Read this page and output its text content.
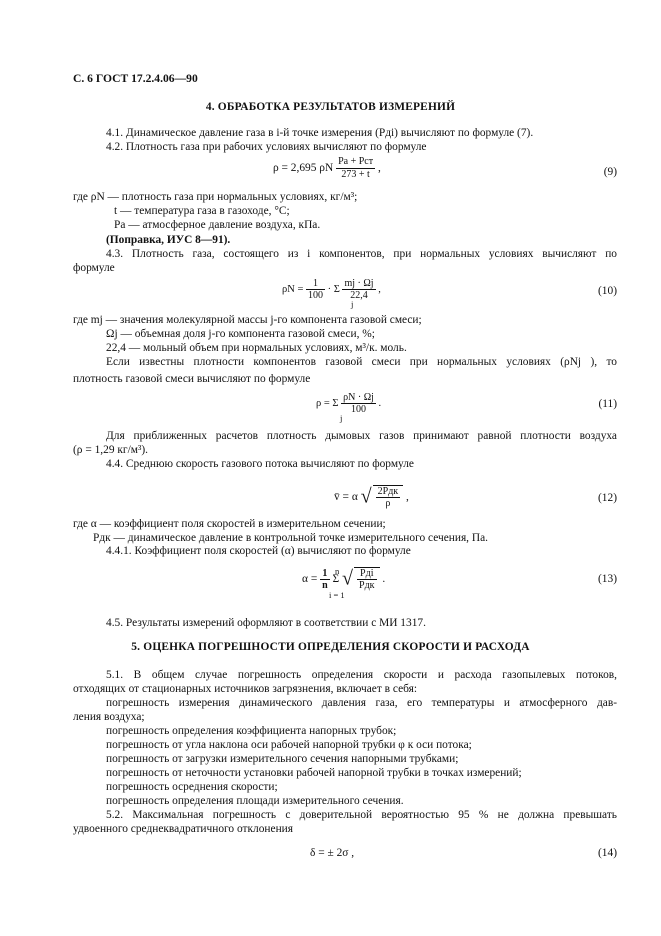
С. 6 ГОСТ 17.2.4.06—90
4. ОБРАБОТКА РЕЗУЛЬТАТОВ ИЗМЕРЕНИЙ
4.1. Динамическое давление газа в i-й точке измерения (Pдi) вычисляют по формуле (7).
4.2. Плотность газа при рабочих условиях вычисляют по формуле
ρ = 2,695 ρN $\frac{\text{Pа + Pст}}{273 + t}$ ,	(9)
где ρN — плотность газа при нормальных условиях, кг/м³;
t — температура газа в газоходе, °С;
Pа — атмосферное давление воздуха, кПа.
(Поправка, ИУС 8—91).
4.3. Плотность газа, состоящего из i компонентов, при нормальных условиях вычисляют по
формуле
$\rho N = \frac{1}{100} \cdot \Sigma \frac{mj \cdot \Omega j}{22,4}$ ,
j
(10)
где mj — значения молекулярной массы j-го компонента газовой смеси;
Ωj — объемная доля j-го компонента газовой смеси, %;
22,4 — мольный объем при нормальных условиях, м³/к. моль.
Если известны плотности компонентов газовой смеси при нормальных условиях (ρNj ), то
плотность газовой смеси вычисляют по формуле
ρ = Σ $\frac{\rho N \cdot \Omega j}{100}$ .
j
(11)
Для приближенных расчетов плотность дымовых газов принимают равной плотности воздуха
(ρ = 1,29 кг/м³).
4.4. Среднюю скорость газового потока вычисляют по формуле
v̄ = α √ $\frac{\text{2Pдк}}{\rho}$ ,	(12)
где α — коэффициент поля скоростей в измерительном сечении;
Pдк — динамическое давление в контрольной точке измерительного сечения, Па.
4.4.1. Коэффициент поля скоростей (α) вычисляют по формуле
$\alpha = \frac{1}{n}$ Σ √ $\frac{\text{Pдi}}{\text{Pдк}}$ .
n
i = 1
(13)
4.5. Результаты измерений оформляют в соответствии с МИ 1317.
5. ОЦЕНКА ПОГРЕШНОСТИ ОПРЕДЕЛЕНИЯ СКОРОСТИ И РАСХОДА
5.1. В общем случае погрешность определения скорости и расхода газопылевых потоков,
отходящих от стационарных источников загрязнения, включает в себя:
погрешность измерения динамического давления газа, его температуры и атмосферного дав-
ления воздуха;
погрешность определения коэффициента напорных трубок;
погрешность от угла наклона оси рабочей напорной трубки φ к оси потока;
погрешность от загрузки измерительного сечения напорными трубками;
погрешность от неточности установки рабочей напорной трубки в точках измерений;
погрешность осреднения скорости;
погрешность определения площади измерительного сечения.
5.2. Максимальная погрешность с доверительной вероятностью 95 % не должна превышать
удвоенного среднеквадратичного отклонения
δ = ± 2σ ,	(14)
